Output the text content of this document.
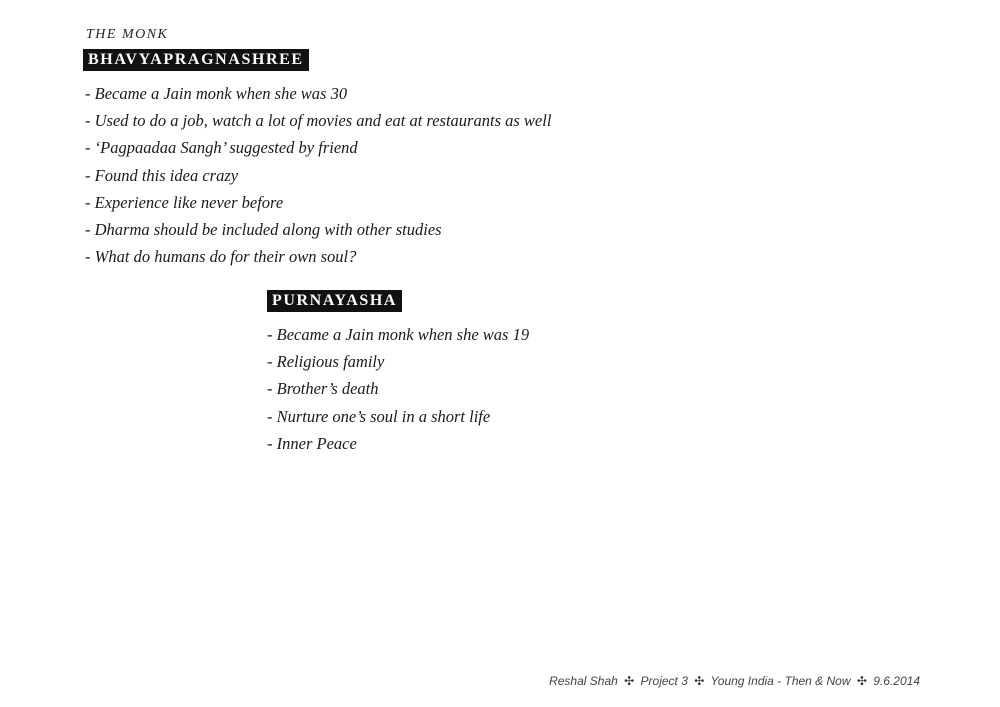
THE MONK
BHAVYAPRAGNASHREE
- Became a Jain monk when she was 30
- Used to do a job, watch a lot of movies and eat at restaurants as well
- ‘Pagpaadaa Sangh’ suggested by friend
- Found this idea crazy
- Experience like never before
- Dharma should be included along with other studies
- What do humans do for their own soul?
PURNAYASHA
- Became a Jain monk when she was 19
- Religious family
- Brother’s death
- Nurture one’s soul in a short life
- Inner Peace
Reshal Shah ✣ Project 3 ✣ Young India - Then & Now ✣ 9.6.2014
